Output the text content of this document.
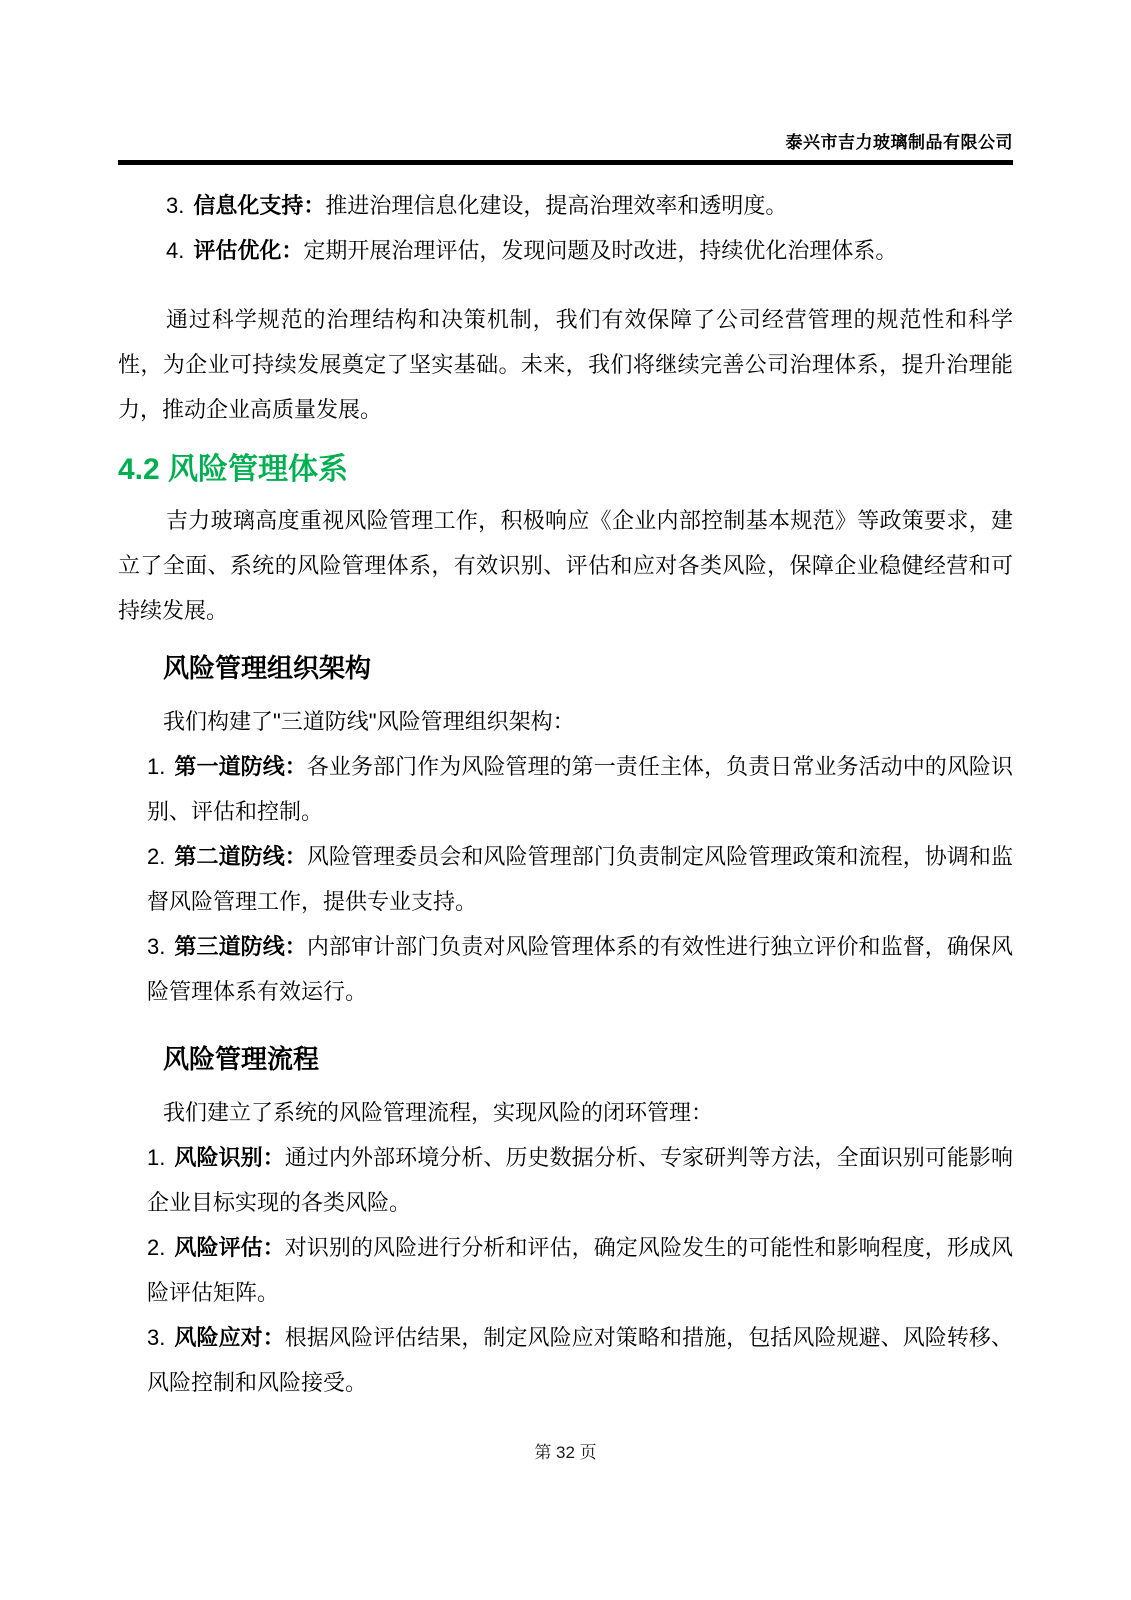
泰兴市吉力玻璃制品有限公司

3. 信息化支持：推进治理信息化建设，提高治理效率和透明度。

4. 评估优化：定期开展治理评估，发现问题及时改进，持续优化治理体系。

通过科学规范的治理结构和决策机制，我们有效保障了公司经营管理的规范性和科学性，为企业可持续发展奠定了坚实基础。未来，我们将继续完善公司治理体系，提升治理能力，推动企业高质量发展。

4.2 风险管理体系

吉力玻璃高度重视风险管理工作，积极响应《企业内部控制基本规范》等政策要求，建立了全面、系统的风险管理体系，有效识别、评估和应对各类风险，保障企业稳健经营和可持续发展。

风险管理组织架构

我们构建了"三道防线"风险管理组织架构：

1. 第一道防线：各业务部门作为风险管理的第一责任主体，负责日常业务活动中的风险识别、评估和控制。

2. 第二道防线：风险管理委员会和风险管理部门负责制定风险管理政策和流程，协调和监督风险管理工作，提供专业支持。

3. 第三道防线：内部审计部门负责对风险管理体系的有效性进行独立评价和监督，确保风险管理体系有效运行。

风险管理流程

我们建立了系统的风险管理流程，实现风险的闭环管理：

1. 风险识别：通过内外部环境分析、历史数据分析、专家研判等方法，全面识别可能影响企业目标实现的各类风险。

2. 风险评估：对识别的风险进行分析和评估，确定风险发生的可能性和影响程度，形成风险评估矩阵。

3. 风险应对：根据风险评估结果，制定风险应对策略和措施，包括风险规避、风险转移、风险控制和风险接受。

第 32 页
